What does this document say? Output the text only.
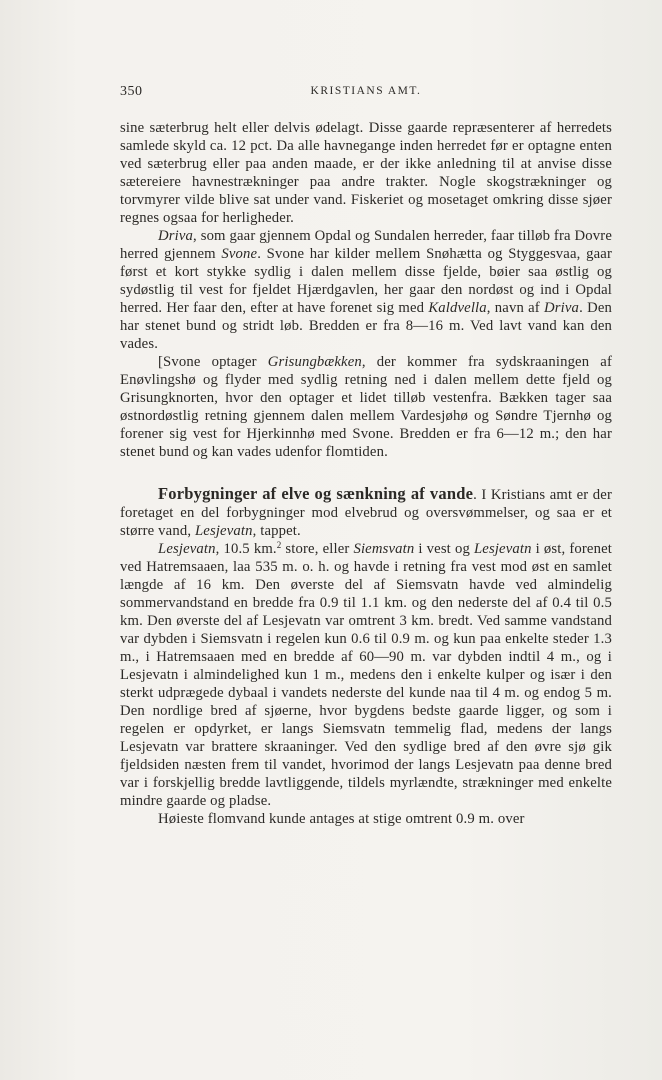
350	KRISTIANS AMT.

sine sæterbrug helt eller delvis ødelagt. Disse gaarde repræsenterer af herredets samlede skyld ca. 12 pct. Da alle havnegange inden herredet før er optagne enten ved sæterbrug eller paa anden maade, er der ikke anledning til at anvise disse sætereiere havnestrækninger paa andre trakter. Nogle skogstrækninger og torvmyrer vilde blive sat under vand. Fiskeriet og mosetaget omkring disse sjøer regnes ogsaa for herligheder.

Driva, som gaar gjennem Opdal og Sundalen herreder, faar tilløb fra Dovre herred gjennem Svone. Svone har kilder mellem Snøhætta og Styggesvaa, gaar først et kort stykke sydlig i dalen mellem disse fjelde, bøier saa østlig og sydøstlig til vest for fjeldet Hjærdgavlen, her gaar den nordøst og ind i Opdal herred. Her faar den, efter at have forenet sig med Kaldvella, navn af Driva. Den har stenet bund og stridt løb. Bredden er fra 8—16 m. Ved lavt vand kan den vades.

[Svone optager Grisungbækken, der kommer fra sydskraaningen af Enøvlingshø og flyder med sydlig retning ned i dalen mellem dette fjeld og Grisungknorten, hvor den optager et lidet tilløb vestenfra. Bækken tager saa østnordøstlig retning gjennem dalen mellem Vardesjøhø og Søndre Tjernhø og forener sig vest for Hjerkinnhø med Svone. Bredden er fra 6—12 m.; den har stenet bund og kan vades udenfor flomtiden.

Forbygninger af elve og sænkning af vande. I Kristians amt er der foretaget en del forbygninger mod elvebrud og oversvømmelser, og saa er et større vand, Lesjevatn, tappet.

Lesjevatn, 10.5 km.$^2$ store, eller Siemsvatn i vest og Lesjevatn i øst, forenet ved Hatremsaaen, laa 535 m. o. h. og havde i retning fra vest mod øst en samlet længde af 16 km. Den øverste del af Siemsvatn havde ved almindelig sommervandstand en bredde fra 0.9 til 1.1 km. og den nederste del af 0.4 til 0.5 km. Den øverste del af Lesjevatn var omtrent 3 km. bredt. Ved samme vandstand var dybden i Siemsvatn i regelen kun 0.6 til 0.9 m. og kun paa enkelte steder 1.3 m., i Hatremsaaen med en bredde af 60—90 m. var dybden indtil 4 m., og i Lesjevatn i almindelighed kun 1 m., medens den i enkelte kulper og især i den sterkt udprægede dybaal i vandets nederste del kunde naa til 4 m. og endog 5 m. Den nordlige bred af sjøerne, hvor bygdens bedste gaarde ligger, og som i regelen er opdyrket, er langs Siemsvatn temmelig flad, medens der langs Lesjevatn var brattere skraaninger. Ved den sydlige bred af den øvre sjø gik fjeldsiden næsten frem til vandet, hvorimod der langs Lesjevatn paa denne bred var i forskjellig bredde lavtliggende, tildels myrlændte, strækninger med enkelte mindre gaarde og pladse.

Høieste flomvand kunde antages at stige omtrent 0.9 m. over
